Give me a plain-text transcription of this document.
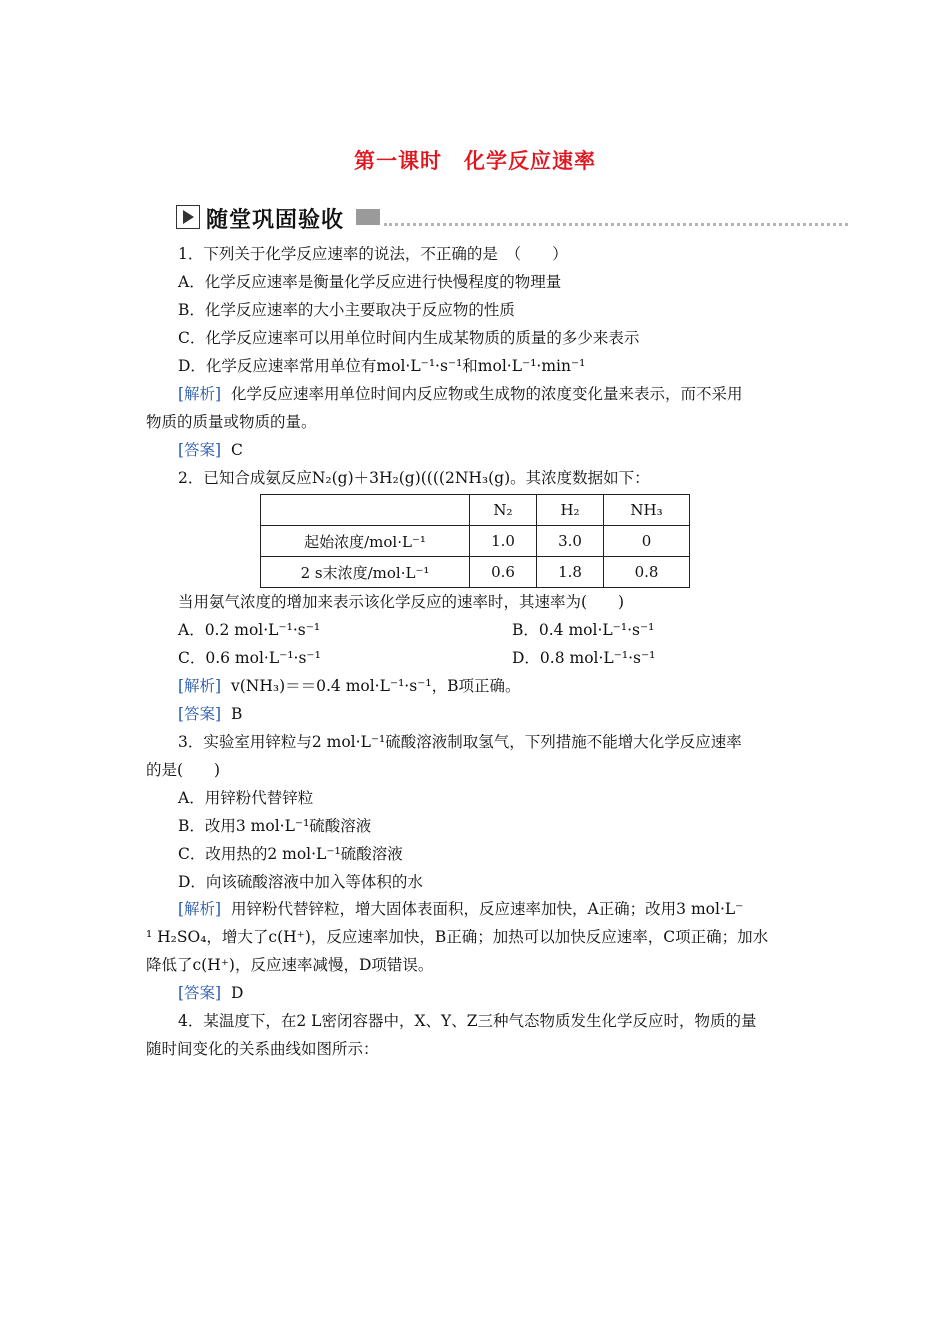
第一课时　化学反应速率
随堂巩固验收
1．下列关于化学反应速率的说法，不正确的是　（　　）
A．化学反应速率是衡量化学反应进行快慢程度的物理量
B．化学反应速率的大小主要取决于反应物的性质
C．化学反应速率可以用单位时间内生成某物质的质量的多少来表示
D．化学反应速率常用单位有mol·L⁻¹·s⁻¹和mol·L⁻¹·min⁻¹
[解析] 化学反应速率用单位时间内反应物或生成物的浓度变化量来表示，而不采用
物质的质量或物质的量。
[答案] C
2．已知合成氨反应N₂(g)＋3H₂(g)((((2NH₃(g)。其浓度数据如下：
	N₂	H₂	NH₃
起始浓度/mol·L⁻¹	1.0	3.0	0
2 s末浓度/mol·L⁻¹	0.6	1.8	0.8
当用氨气浓度的增加来表示该化学反应的速率时，其速率为(　　)
A．0.2 mol·L⁻¹·s⁻¹	B．0.4 mol·L⁻¹·s⁻¹
C．0.6 mol·L⁻¹·s⁻¹	D．0.8 mol·L⁻¹·s⁻¹
[解析] v(NH₃)＝＝0.4 mol·L⁻¹·s⁻¹，B项正确。
[答案] B
3．实验室用锌粒与2 mol·L⁻¹硫酸溶液制取氢气，下列措施不能增大化学反应速率
的是(　　)
A．用锌粉代替锌粒
B．改用3 mol·L⁻¹硫酸溶液
C．改用热的2 mol·L⁻¹硫酸溶液
D．向该硫酸溶液中加入等体积的水
[解析] 用锌粉代替锌粒，增大固体表面积，反应速率加快，A正确；改用3 mol·L⁻
¹ H₂SO₄，增大了c(H⁺)，反应速率加快，B正确；加热可以加快反应速率，C项正确；加水
降低了c(H⁺)，反应速率减慢，D项错误。
[答案] D
4．某温度下，在2 L密闭容器中，X、Y、Z三种气态物质发生化学反应时，物质的量
随时间变化的关系曲线如图所示：
